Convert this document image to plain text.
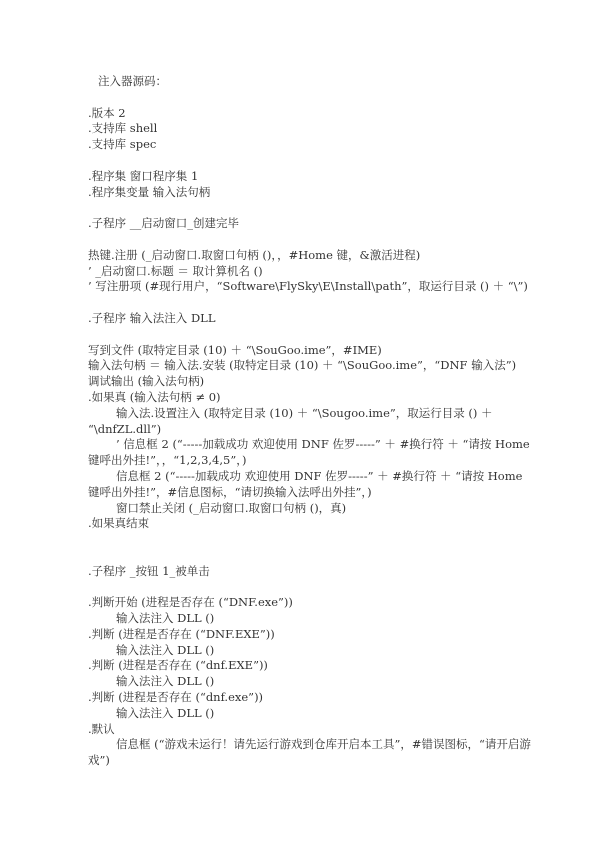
注入器源码：
.版本 2
.支持库 shell
.支持库 spec
.程序集 窗口程序集 1
.程序集变量 输入法句柄
.子程序 __启动窗口_创建完毕
热键.注册 (_启动窗口.取窗口句柄 ()，，#Home 键，&激活进程)
’ _启动窗口.标题 ＝ 取计算机名 ()
’ 写注册项 (#现行用户，“Software\FlySky\E\Install\path”，取运行目录 () ＋ “\”)
.子程序 输入法注入 DLL
写到文件 (取特定目录 (10) ＋ “\SouGoo.ime”，#IME)
输入法句柄 ＝ 输入法.安装 (取特定目录 (10) ＋ “\SouGoo.ime”，“DNF 输入法”)
调试输出 (输入法句柄)
.如果真 (输入法句柄 ≠ 0)
输入法.设置注入 (取特定目录 (10) ＋ “\Sougoo.ime”，取运行目录 () ＋
“\dnfZL.dll”)
’ 信息框 2 (“-----加载成功 欢迎使用 DNF 佐罗-----” ＋ #换行符 ＋ “请按 Home
键呼出外挂!”，，“1,2,3,4,5”，)
信息框 2 (“-----加载成功 欢迎使用 DNF 佐罗-----” ＋ #换行符 ＋ “请按 Home
键呼出外挂!”，#信息图标，“请切换输入法呼出外挂”，)
窗口禁止关闭 (_启动窗口.取窗口句柄 ()，真)
.如果真结束
.子程序 _按钮 1_被单击
.判断开始 (进程是否存在 (“DNF.exe”))
输入法注入 DLL ()
.判断 (进程是否存在 (“DNF.EXE”))
输入法注入 DLL ()
.判断 (进程是否存在 (“dnf.EXE”))
输入法注入 DLL ()
.判断 (进程是否存在 (“dnf.exe”))
输入法注入 DLL ()
.默认
信息框 (“游戏未运行！请先运行游戏到仓库开启本工具”，#错误图标，“请开启游
戏”)
